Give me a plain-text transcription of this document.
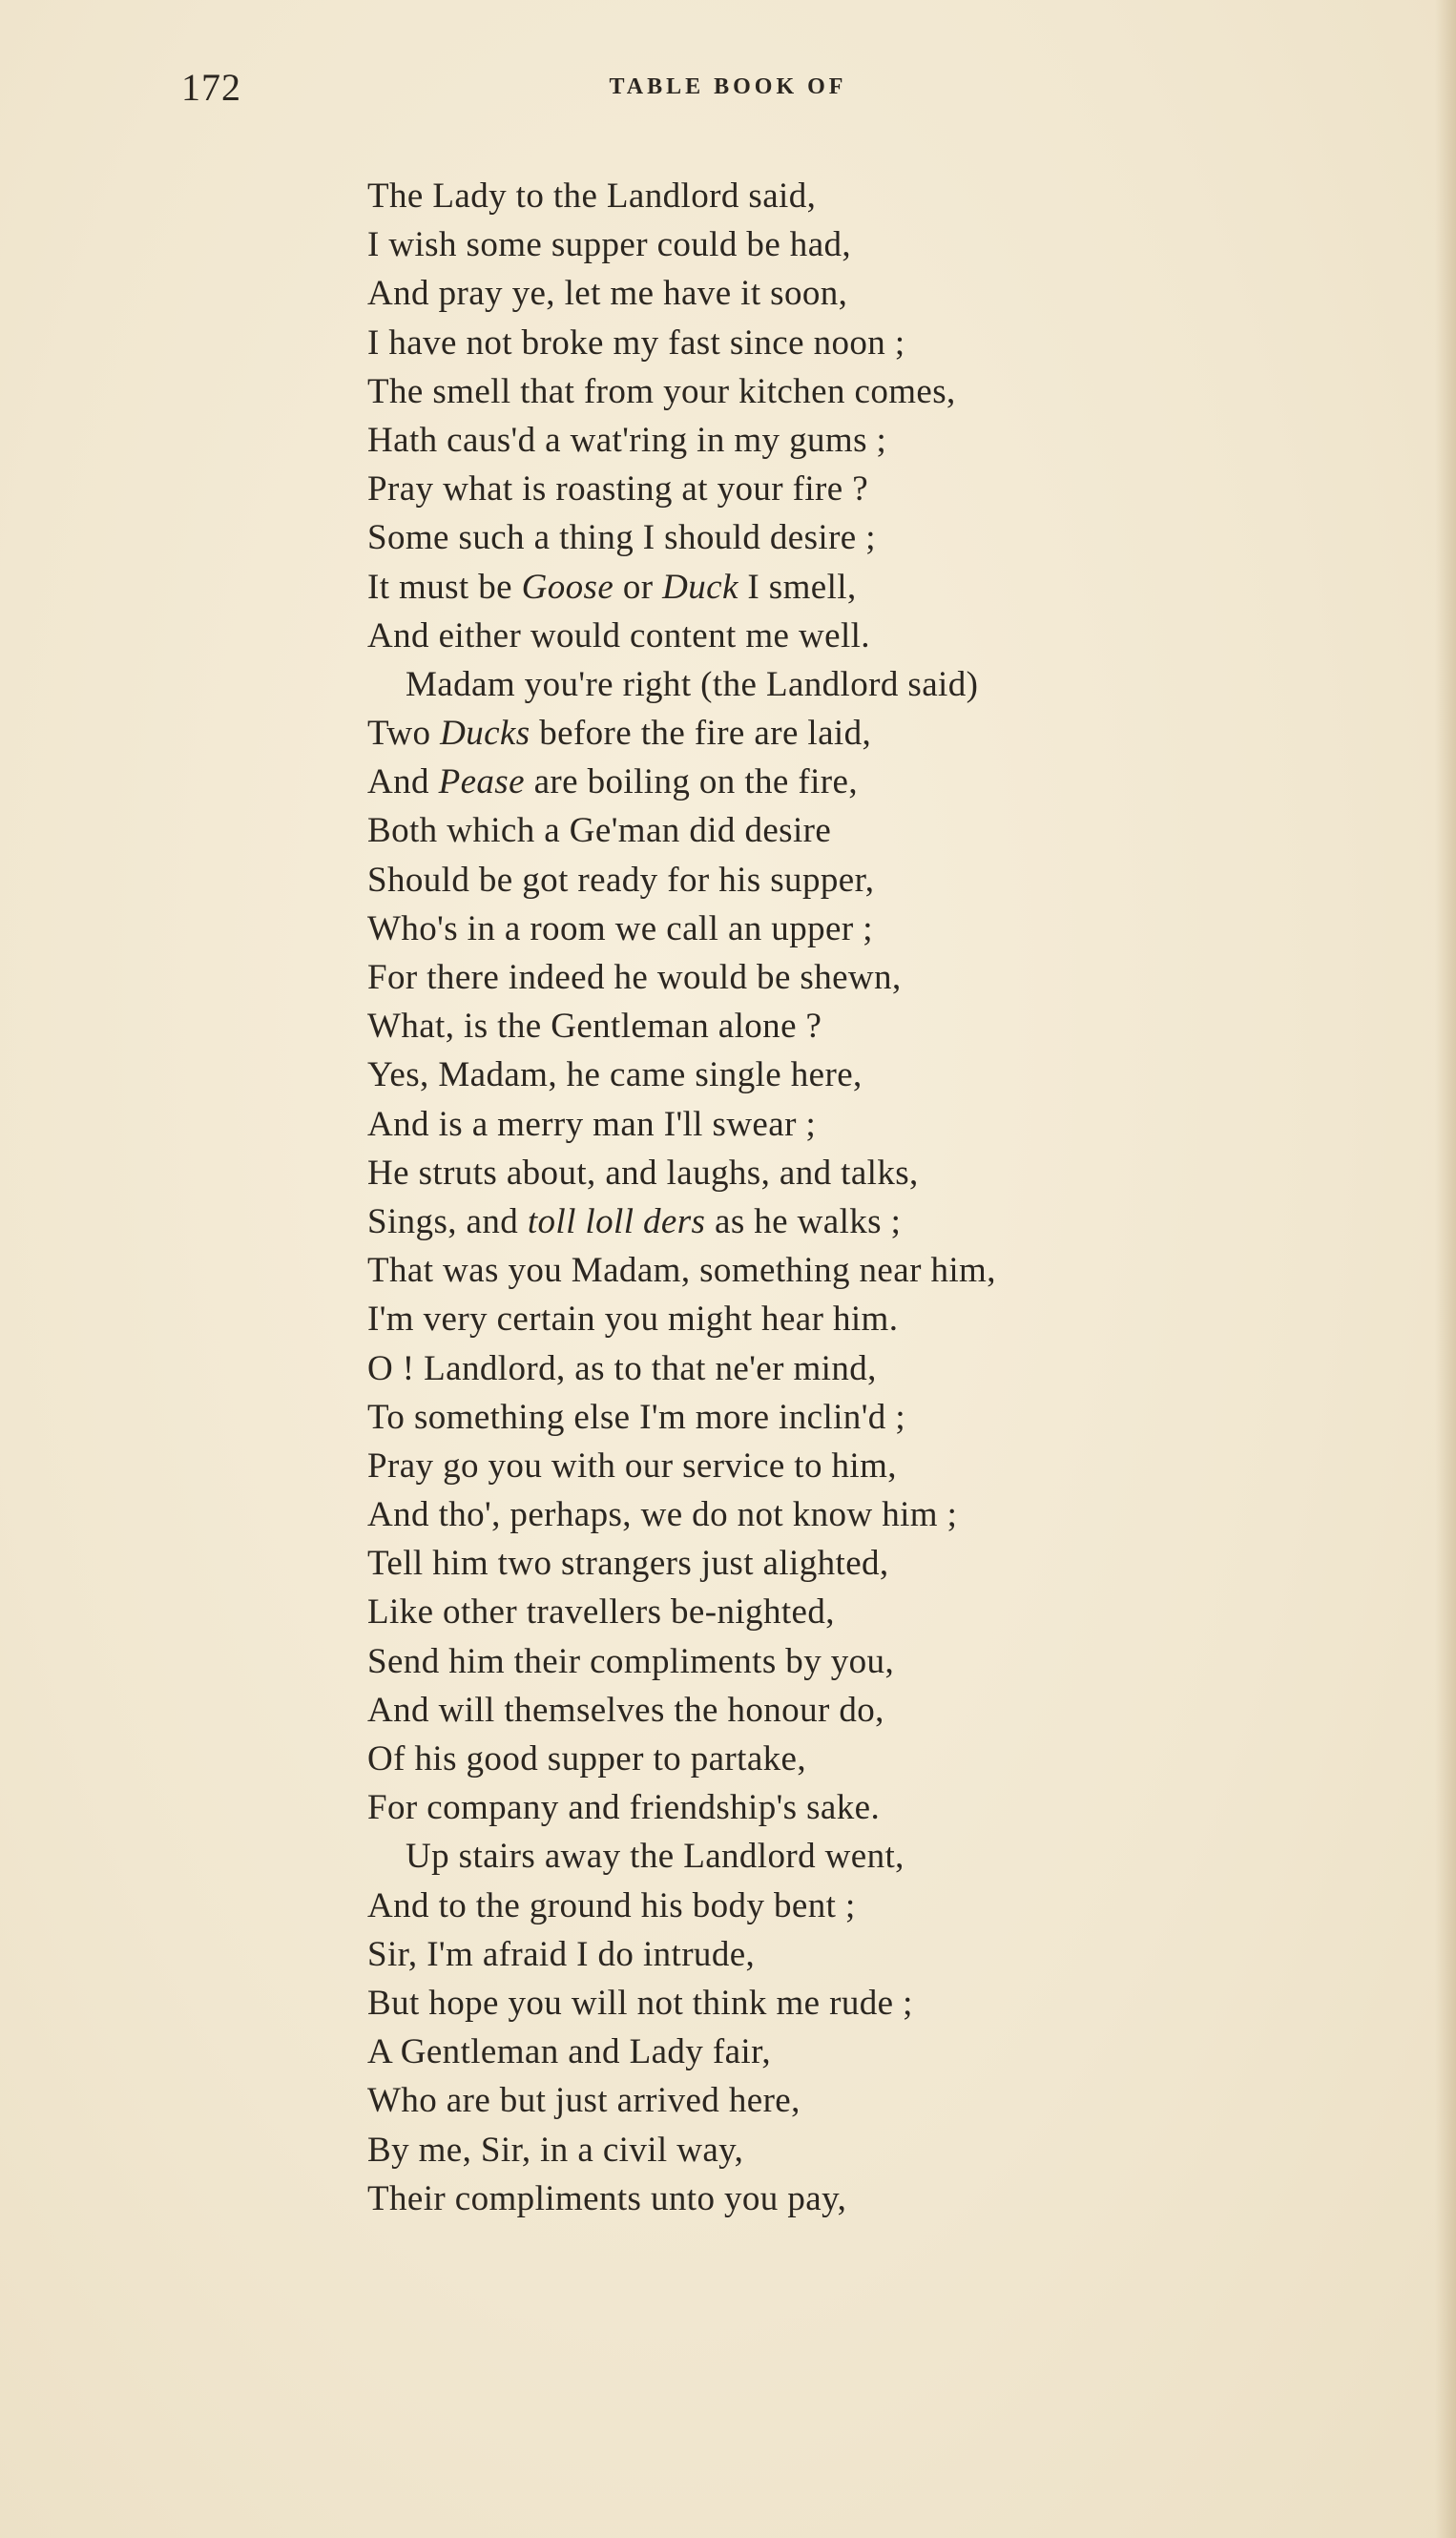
172	TABLE BOOK OF
The Lady to the Landlord said,
I wish some supper could be had,
And pray ye, let me have it soon,
I have not broke my fast since noon ;
The smell that from your kitchen comes,
Hath caus'd a wat'ring in my gums ;
Pray what is roasting at your fire ?
Some such a thing I should desire ;
It must be Goose or Duck I smell,
And either would content me well.
Madam you're right (the Landlord said)
Two Ducks before the fire are laid,
And Pease are boiling on the fire,
Both which a Ge'man did desire
Should be got ready for his supper,
Who's in a room we call an upper ;
For there indeed he would be shewn,
What, is the Gentleman alone ?
Yes, Madam, he came single here,
And is a merry man I'll swear ;
He struts about, and laughs, and talks,
Sings, and toll loll ders as he walks ;
That was you Madam, something near him,
I'm very certain you might hear him.
O ! Landlord, as to that ne'er mind,
To something else I'm more inclin'd ;
Pray go you with our service to him,
And tho', perhaps, we do not know him ;
Tell him two strangers just alighted,
Like other travellers be-nighted,
Send him their compliments by you,
And will themselves the honour do,
Of his good supper to partake,
For company and friendship's sake.
Up stairs away the Landlord went,
And to the ground his body bent ;
Sir, I'm afraid I do intrude,
But hope you will not think me rude ;
A Gentleman and Lady fair,
Who are but just arrived here,
By me, Sir, in a civil way,
Their compliments unto you pay,
